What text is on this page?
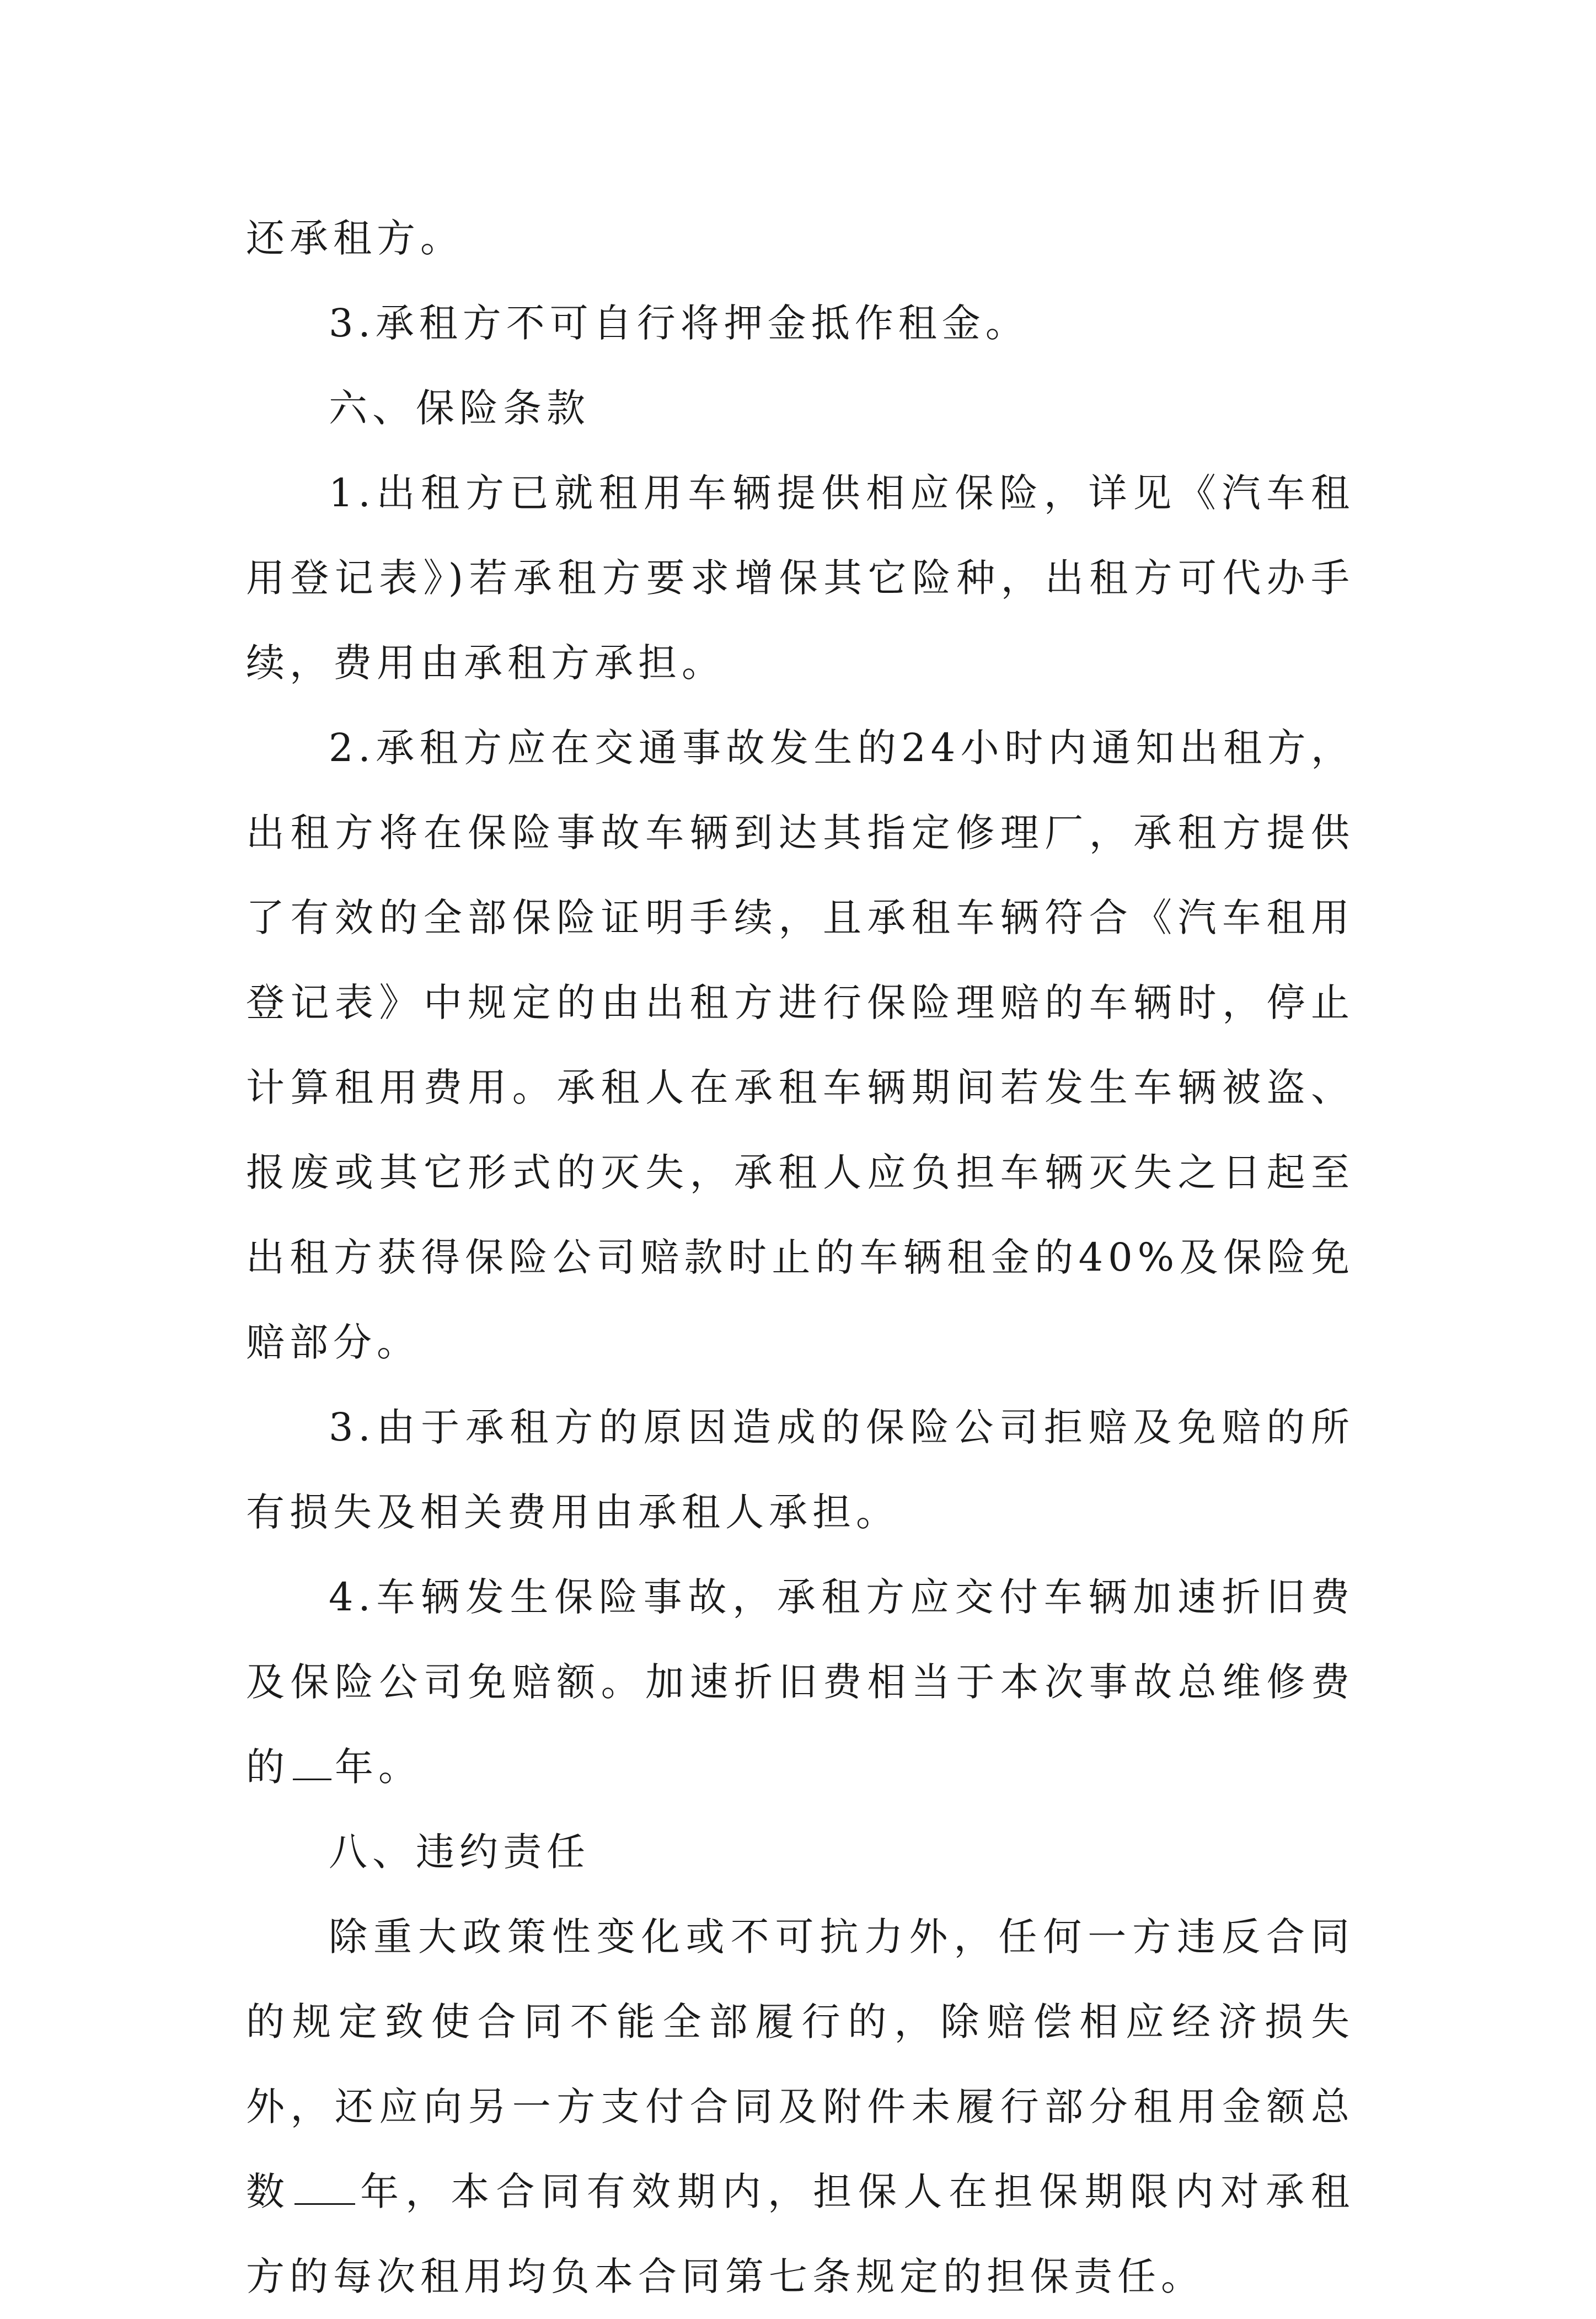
还承租方。

3.承租方不可自行将押金抵作租金。

六、保险条款

1.出租方已就租用车辆提供相应保险，详见《汽车租用登记表》)若承租方要求增保其它险种，出租方可代办手续，费用由承租方承担。

2.承租方应在交通事故发生的24小时内通知出租方，出租方将在保险事故车辆到达其指定修理厂，承租方提供了有效的全部保险证明手续，且承租车辆符合《汽车租用登记表》中规定的由出租方进行保险理赔的车辆时，停止计算租用费用。承租人在承租车辆期间若发生车辆被盗、报废或其它形式的灭失，承租人应负担车辆灭失之日起至出租方获得保险公司赔款时止的车辆租金的40%及保险免赔部分。

3.由于承租方的原因造成的保险公司拒赔及免赔的所有损失及相关费用由承租人承担。

4.车辆发生保险事故，承租方应交付车辆加速折旧费及保险公司免赔额。加速折旧费相当于本次事故总维修费的 年。

八、违约责任

除重大政策性变化或不可抗力外，任何一方违反合同的规定致使合同不能全部履行的，除赔偿相应经济损失外，还应向另一方支付合同及附件未履行部分租用金额总数 年，本合同有效期内，担保人在担保期限内对承租方的每次租用均负本合同第七条规定的担保责任。
